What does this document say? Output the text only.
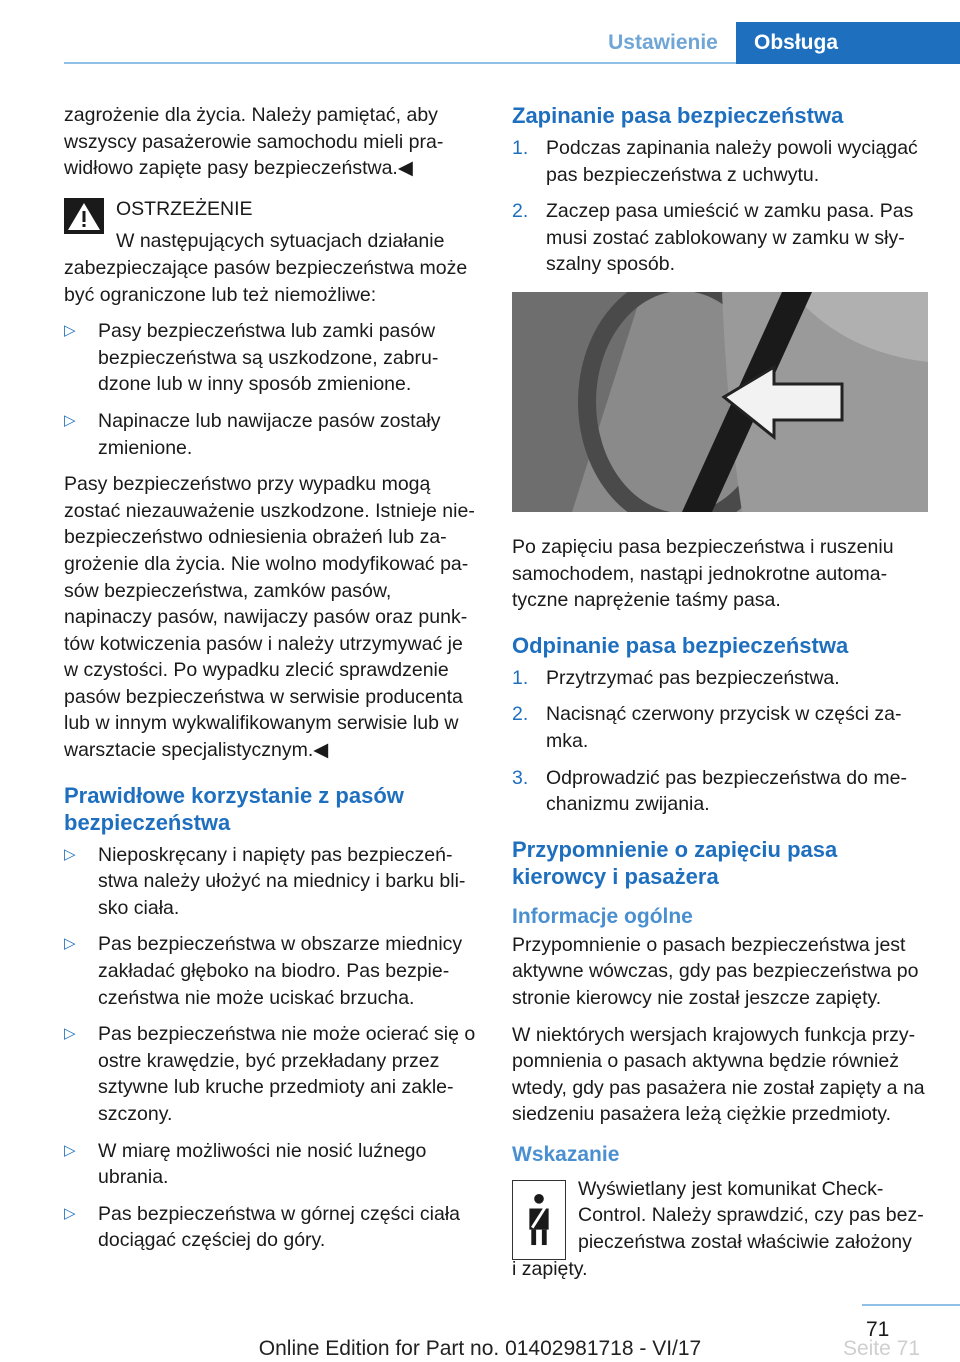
Ustawienie	Obsługa

zagrożenie dla życia. Należy pamiętać, aby wszyscy pasażerowie samochodu mieli prawidłowo zapięte pasy bezpieczeństwa.◀

OSTRZEŻENIE

W następujących sytuacjach działanie zabezpieczające pasów bezpieczeństwa może być ograniczone lub też niemożliwe:

▷ Pasy bezpieczeństwa lub zamki pasów bezpieczeństwa są uszkodzone, zabrudzone lub w inny sposób zmienione.
▷ Napinacze lub nawijacze pasów zostały zmienione.

Pasy bezpieczeństwo przy wypadku mogą zostać niezauważenie uszkodzone. Istnieje niebezpieczeństwo odniesienia obrażeń lub zagrożenie dla życia. Nie wolno modyfikować pasów bezpieczeństwa, zamków pasów, napinaczy pasów, nawijaczy pasów oraz punktów kotwiczenia pasów i należy utrzymywać je w czystości. Po wypadku zlecić sprawdzenie pasów bezpieczeństwa w serwisie producenta lub w innym wykwalifikowanym serwisie lub w warsztacie specjalistycznym.◀

Prawidłowe korzystanie z pasów bezpieczeństwa
▷ Nieposkręcany i napięty pas bezpieczeństwa należy ułożyć na miednicy i barku blisko ciała.
▷ Pas bezpieczeństwa w obszarze miednicy zakładać głęboko na biodro. Pas bezpieczeństwa nie może uciskać brzucha.
▷ Pas bezpieczeństwa nie może ocierać się o ostre krawędzie, być przekładany przez sztywne lub kruche przedmioty ani zakleszczony.
▷ W miarę możliwości nie nosić luźnego ubrania.
▷ Pas bezpieczeństwa w górnej części ciała dociągać częściej do góry.
Zapinanie pasa bezpieczeństwa
1. Podczas zapinania należy powoli wyciągać pas bezpieczeństwa z uchwytu.
2. Zaczep pasa umieścić w zamku pasa. Pas musi zostać zablokowany w zamku w słyszalny sposób.

Po zapięciu pasa bezpieczeństwa i ruszeniu samochodem, nastąpi jednokrotne automatyczne naprężenie taśmy pasa.

Odpinanie pasa bezpieczeństwa
1. Przytrzymać pas bezpieczeństwa.
2. Nacisnąć czerwony przycisk w części zamka.
3. Odprowadzić pas bezpieczeństwa do mechanizmu zwijania.
Przypomnienie o zapięciu pasa kierowcy i pasażera
Informacje ogólne

Przypomnienie o pasach bezpieczeństwa jest aktywne wówczas, gdy pas bezpieczeństwa po stronie kierowcy nie został jeszcze zapięty.

W niektórych wersjach krajowych funkcja przypomnienia o pasach aktywna będzie również wtedy, gdy pas pasażera nie został zapięty a na siedzeniu pasażera leżą ciężkie przedmioty.

Wskazanie

Wyświetlany jest komunikat Check-Control. Należy sprawdzić, czy pas bezpieczeństwa został właściwie założony

i zapięty.

71
Online Edition for Part no. 01402981718 - VI/17	Seite 71
